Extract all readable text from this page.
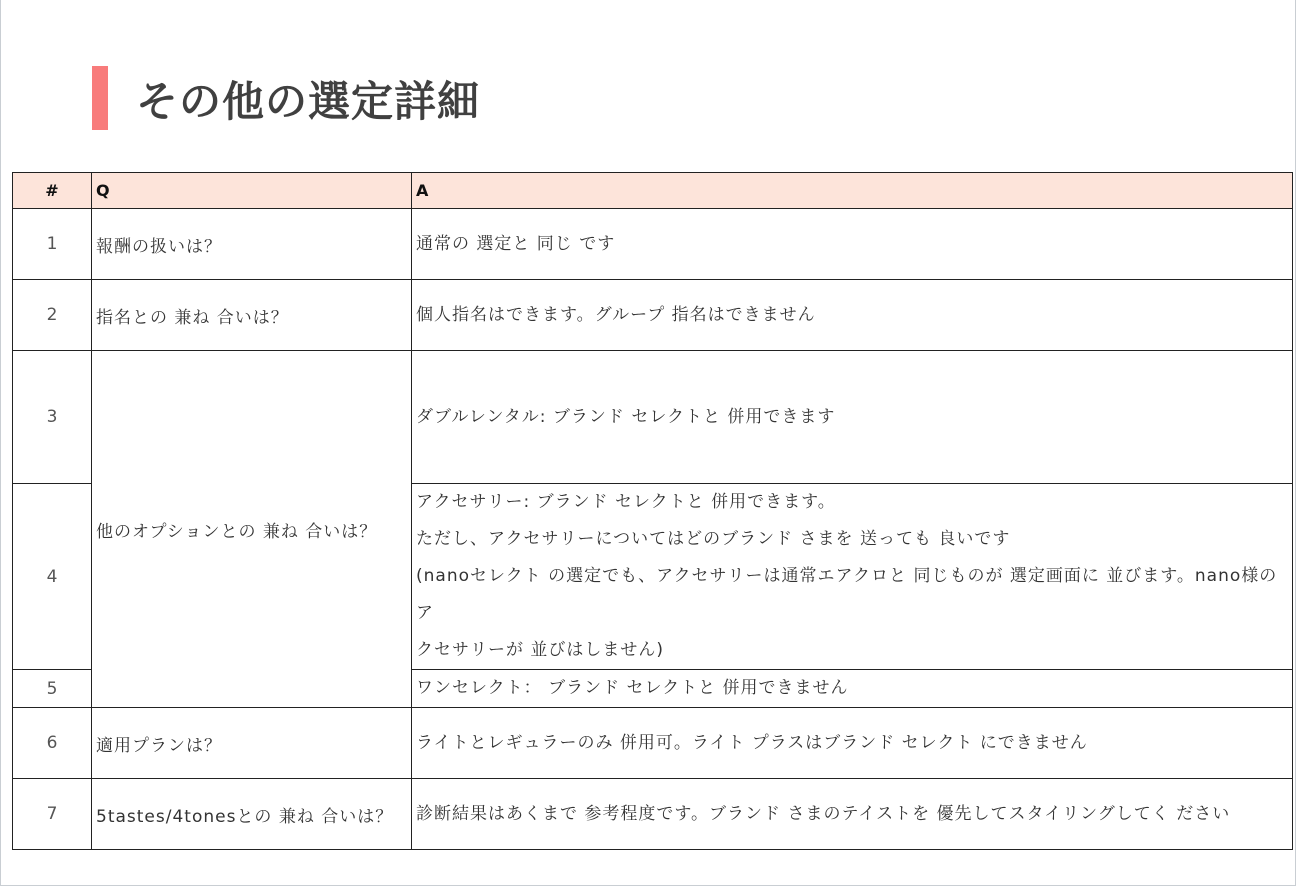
その他の選定詳細
#	Q	A
1	報酬の扱いは？	通常の 選定と 同じ です

2	指名との 兼ね 合いは？	個人指名はできます。グループ 指名はできません

3	他のオプションとの 兼ね 合いは？	ダブルレンタル: ブランド セレクトと 併用できます

4		アクセサリー: ブランド セレクトと 併用できます。
ただし、アクセサリーについてはどのブランド さまを 送っても 良いです
(nanoセレクト の選定でも、アクセサリーは通常エアクロと 同じものが 選定画面に 並びます。nano様のア
クセサリーが 並びはしません)

5		ワンセレクト： ブランド セレクトと 併用できません

6	適用プランは？	ライトとレギュラーのみ 併用可。ライト プラスはブランド セレクト にできません

7	5tastes/4tonesとの 兼ね 合いは？	診断結果はあくまで 参考程度です。ブランド さまのテイストを 優先してスタイリングしてく ださい
